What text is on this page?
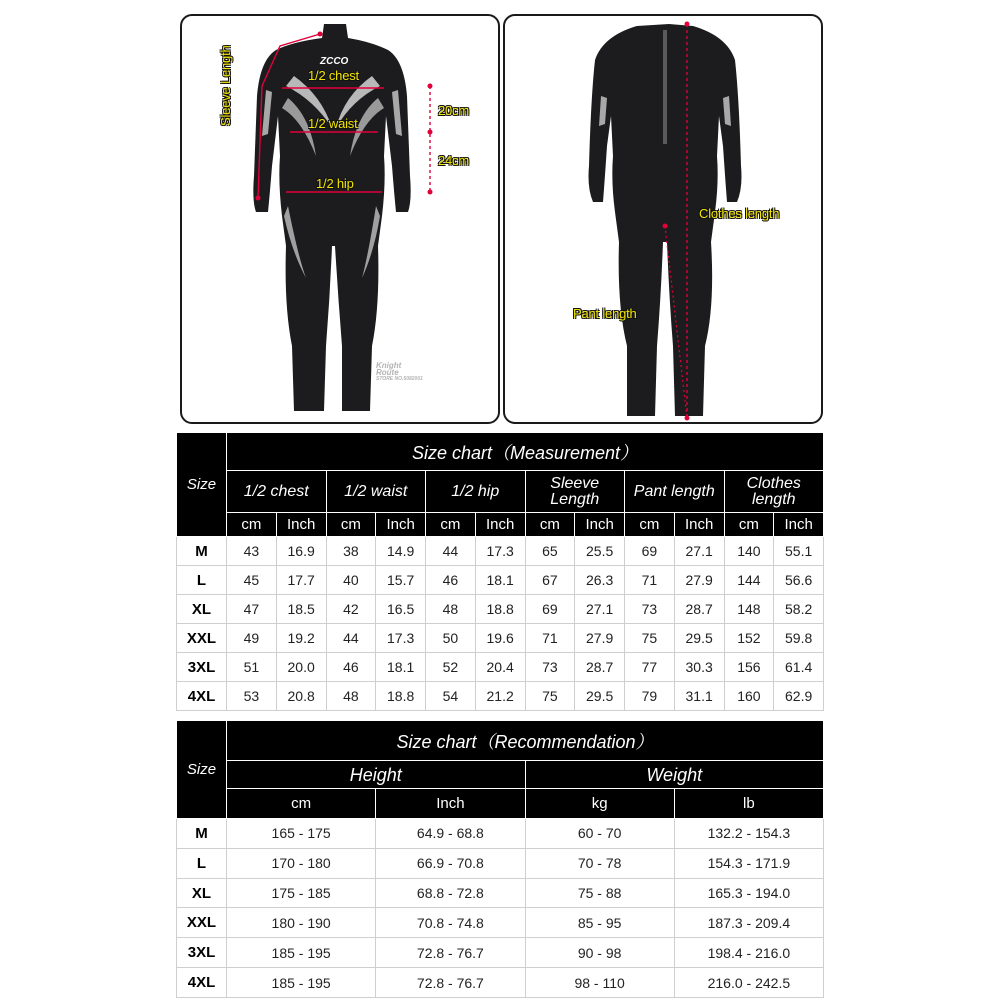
ZCCO
Sleeve Length	1/2 chest
1/2 waist
1/2 hip
20cm
24cm
Knight
Route
STORE NO.5082001
Clothes length
Pant length
Size	Size chart（Measurement）											
	1/2 chest		1/2 waist		1/2 hip		Sleeve Length		Pant length		Clothes length	
	cm	Inch	cm	Inch	cm	Inch	cm	Inch	cm	Inch	cm	Inch
M	43	16.9	38	14.9	44	17.3	65	25.5	69	27.1	140	55.1
L	45	17.7	40	15.7	46	18.1	67	26.3	71	27.9	144	56.6
XL	47	18.5	42	16.5	48	18.8	69	27.1	73	28.7	148	58.2
XXL	49	19.2	44	17.3	50	19.6	71	27.9	75	29.5	152	59.8
3XL	51	20.0	46	18.1	52	20.4	73	28.7	77	30.3	156	61.4
4XL	53	20.8	48	18.8	54	21.2	75	29.5	79	31.1	160	62.9
Size	Size chart（Recommendation）			
	Height		Weight	
	cm	Inch	kg	lb
M	165 - 175	64.9 - 68.8	60 - 70	132.2 - 154.3
L	170 - 180	66.9 - 70.8	70 - 78	154.3 - 171.9
XL	175 - 185	68.8 - 72.8	75 - 88	165.3 - 194.0
XXL	180 - 190	70.8 - 74.8	85 - 95	187.3 - 209.4
3XL	185 - 195	72.8 - 76.7	90 - 98	198.4 - 216.0
4XL	185 - 195	72.8 - 76.7	98 - 110	216.0 - 242.5
